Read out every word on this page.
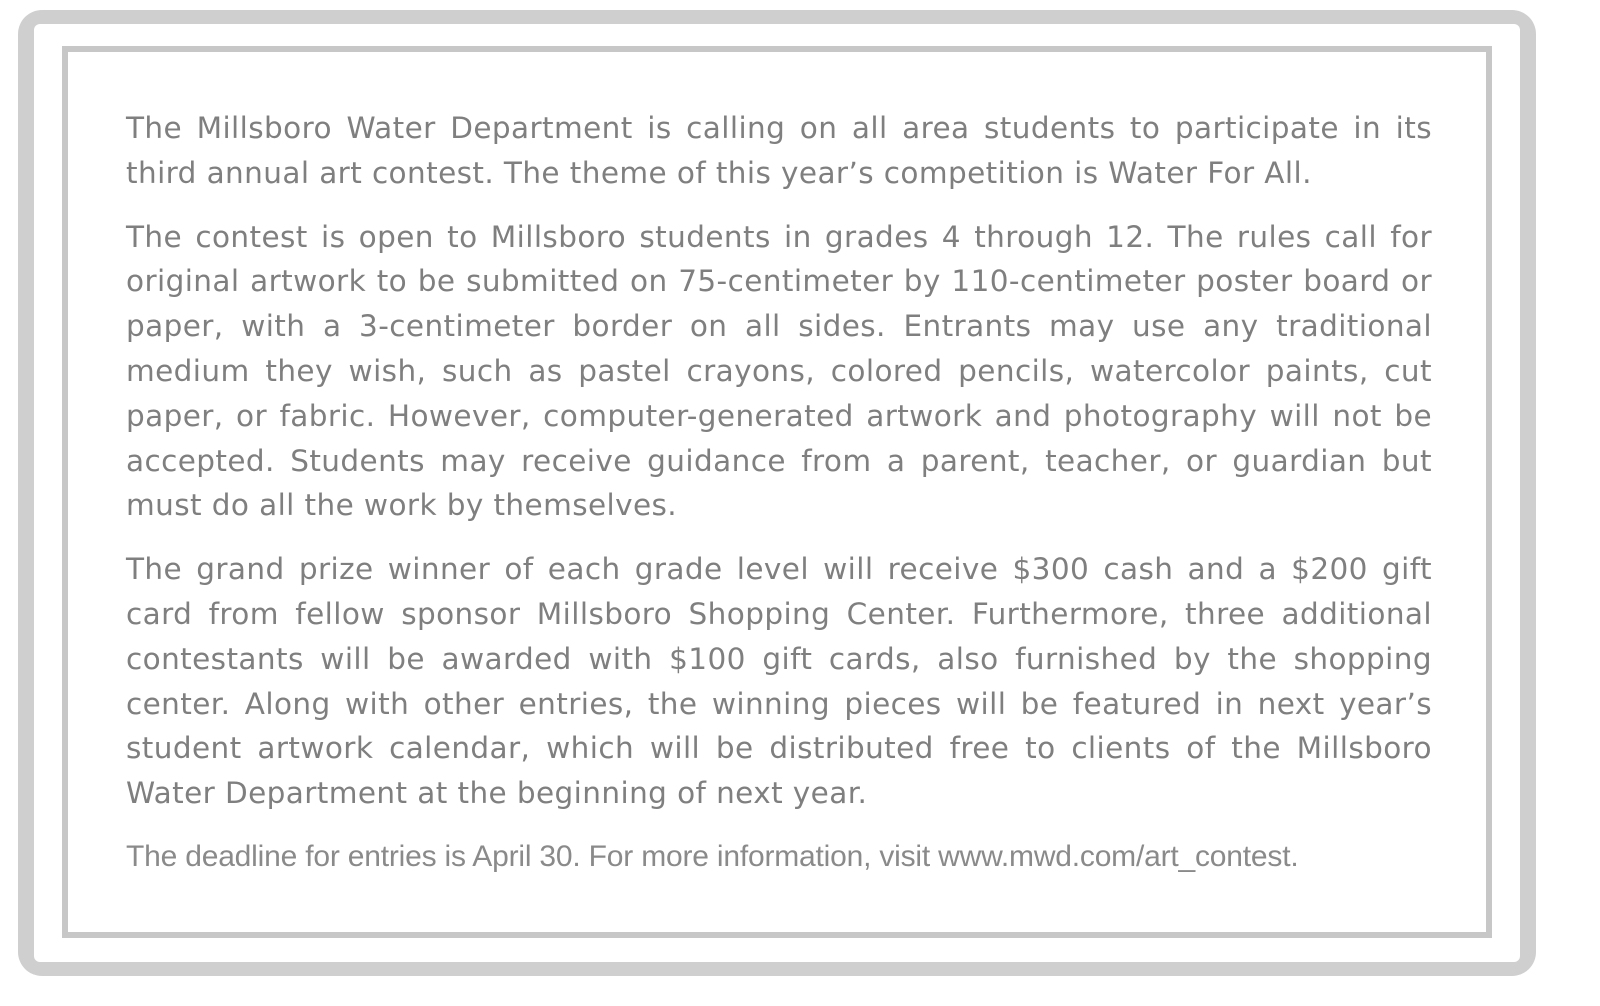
The Millsboro Water Department is calling on all area students to participate in its third annual art contest. The theme of this year’s competition is Water For All.

The contest is open to Millsboro students in grades 4 through 12. The rules call for original artwork to be submitted on 75-centimeter by 110-centimeter poster board or paper, with a 3-centimeter border on all sides. Entrants may use any traditional medium they wish, such as pastel crayons, colored pencils, watercolor paints, cut paper, or fabric. However, computer-generated artwork and photography will not be accepted. Students may receive guidance from a parent, teacher, or guardian but must do all the work by themselves.

The grand prize winner of each grade level will receive $300 cash and a $200 gift card from fellow sponsor Millsboro Shopping Center. Furthermore, three additional contestants will be awarded with $100 gift cards, also furnished by the shopping center. Along with other entries, the winning pieces will be featured in next year’s student artwork calendar, which will be distributed free to clients of the Millsboro Water Department at the beginning of next year.

The deadline for entries is April 30. For more information, visit www.mwd.com/art_contest.
